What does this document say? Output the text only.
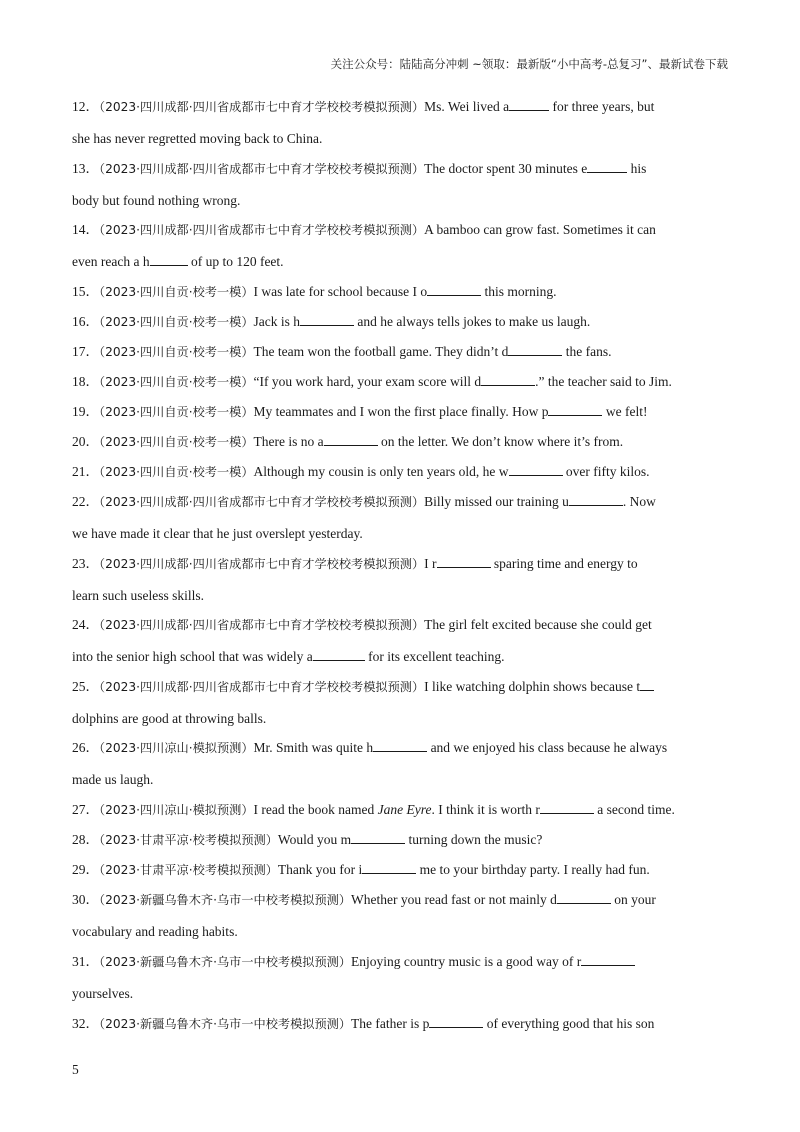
关注公众号：陆陆高分冲刺 ~领取：最新版“小中高考-总复习”、最新试卷下载
12．（2023·四川成都·四川省成都市七中育才学校校考模拟预测）Ms. Wei lived a	for three years, but
she has never regretted moving back to China.
13．（2023·四川成都·四川省成都市七中育才学校校考模拟预测）The doctor spent 30 minutes e	his
body but found nothing wrong.
14．（2023·四川成都·四川省成都市七中育才学校校考模拟预测）A bamboo can grow fast. Sometimes it can
even reach a h	of up to 120 feet.
15．（2023·四川自贡·校考一模）I was late for school because I o	this morning.
16．（2023·四川自贡·校考一模）Jack is h	and he always tells jokes to make us laugh.
17．（2023·四川自贡·校考一模）The team won the football game. They didn’t d	the fans.
18．（2023·四川自贡·校考一模）“If you work hard, your exam score will d	.” the teacher said to Jim.
19．（2023·四川自贡·校考一模）My teammates and I won the first place finally. How p	we felt!
20．（2023·四川自贡·校考一模）There is no a	on the letter. We don’t know where it’s from.
21．（2023·四川自贡·校考一模）Although my cousin is only ten years old, he w	over fifty kilos.
22．（2023·四川成都·四川省成都市七中育才学校校考模拟预测）Billy missed our training u	. Now
we have made it clear that he just overslept yesterday.
23．（2023·四川成都·四川省成都市七中育才学校校考模拟预测）I r	sparing time and energy to
learn such useless skills.
24．（2023·四川成都·四川省成都市七中育才学校校考模拟预测）The girl felt excited because she could get
into the senior high school that was widely a	for its excellent teaching.
25．（2023·四川成都·四川省成都市七中育才学校校考模拟预测）I like watching dolphin shows because t
dolphins are good at throwing balls.
26．（2023·四川凉山·模拟预测）Mr. Smith was quite h	and we enjoyed his class because he always
made us laugh.
27．（2023·四川凉山·模拟预测）I read the book named Jane Eyre. I think it is worth r	a second time.
28．（2023·甘肃平凉·校考模拟预测）Would you m	turning down the music?
29．（2023·甘肃平凉·校考模拟预测）Thank you for i	me to your birthday party. I really had fun.
30．（2023·新疆乌鲁木齐·乌市一中校考模拟预测）Whether you read fast or not mainly d	on your
vocabulary and reading habits.
31．（2023·新疆乌鲁木齐·乌市一中校考模拟预测）Enjoying country music is a good way of r
yourselves.
32．（2023·新疆乌鲁木齐·乌市一中校考模拟预测）The father is p	of everything good that his son
5
